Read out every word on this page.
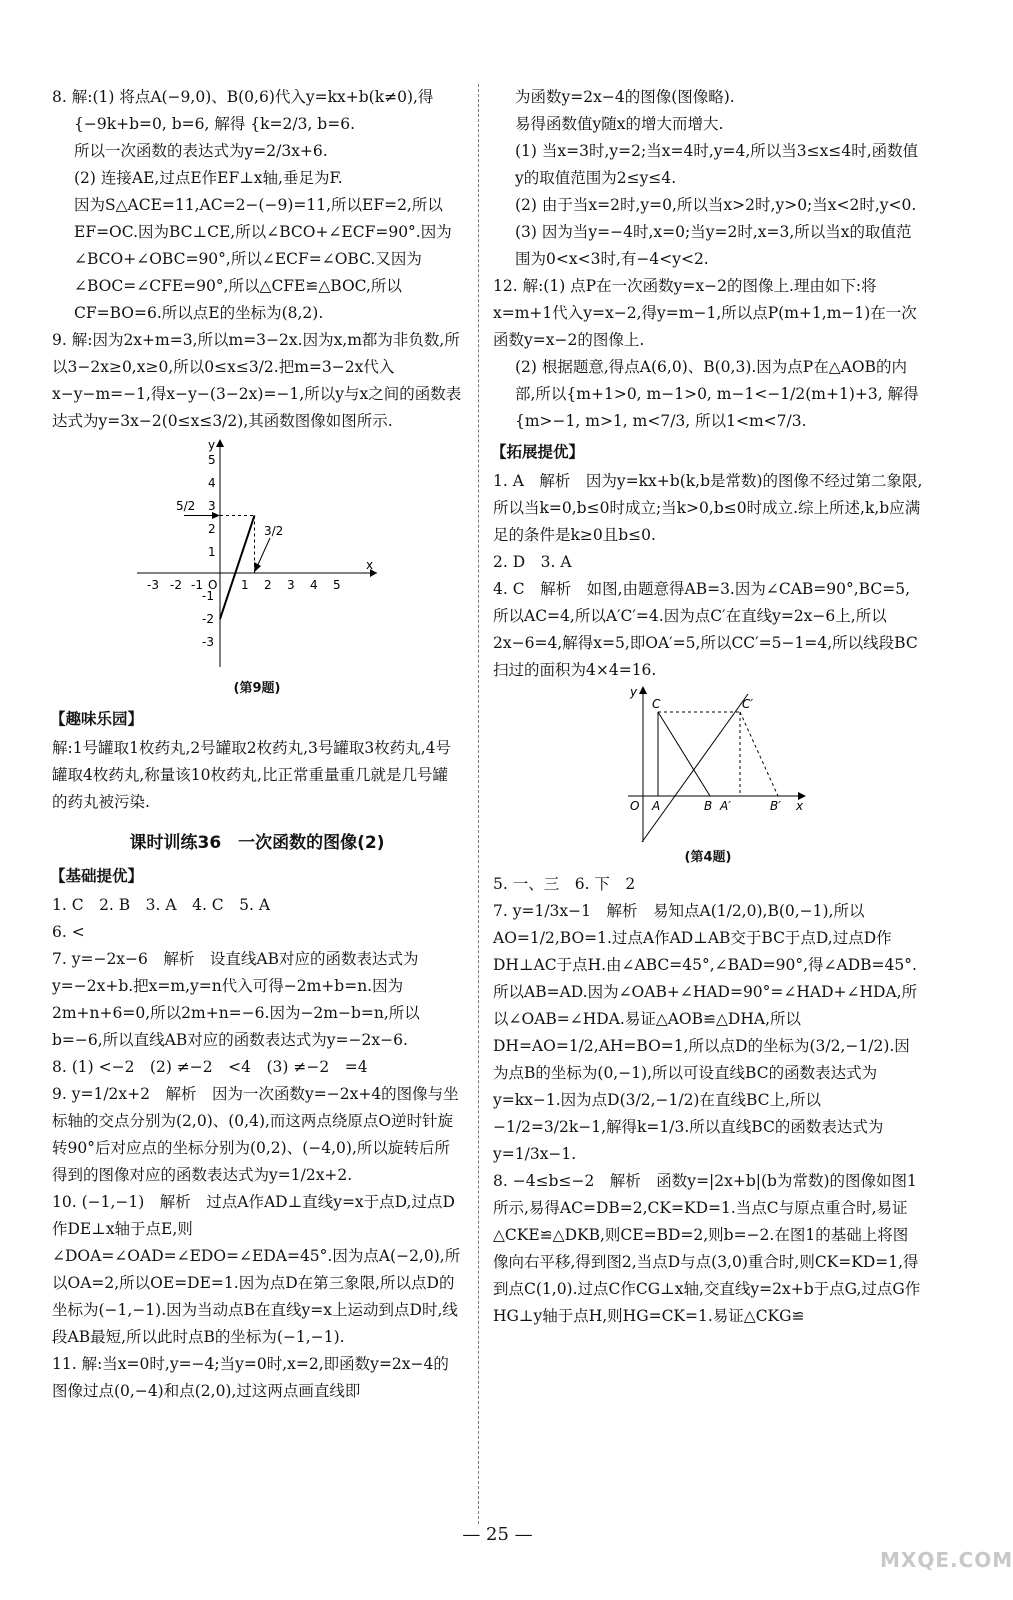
8. 解:(1) 将点A(−9,0)、B(0,6)代入y=kx+b(k≠0),得

{−9k+b=0, b=6, 解得 {k=2/3, b=6.

所以一次函数的表达式为y=2/3x+6.

(2) 连接AE,过点E作EF⊥x轴,垂足为F.

因为S△ACE=11,AC=2−(−9)=11,所以EF=2,所以EF=OC.因为BC⊥CE,所以∠BCO+∠ECF=90°.因为∠BCO+∠OBC=90°,所以∠ECF=∠OBC.又因为∠BOC=∠CFE=90°,所以△CFE≌△BOC,所以CF=BO=6.所以点E的坐标为(8,2).

9. 解:因为2x+m=3,所以m=3−2x.因为x,m都为非负数,所以3−2x≥0,x≥0,所以0≤x≤3/2.把m=3−2x代入x−y−m=−1,得x−y−(3−2x)=−1,所以y与x之间的函数表达式为y=3x−2(0≤x≤3/2),其函数图像如图所示.

x
y
-3 -2 -1 O 1 2 3 4 5
5
4
3
2
1
-1
-2
-3
5/2
3/2
(第9题)
【趣味乐园】

解:1号罐取1枚药丸,2号罐取2枚药丸,3号罐取3枚药丸,4号罐取4枚药丸,称量该10枚药丸,比正常重量重几就是几号罐的药丸被污染.

课时训练36　一次函数的图像(2)
【基础提优】

1. C　2. B　3. A　4. C　5. A

6. <

7. y=−2x−6　解析　设直线AB对应的函数表达式为y=−2x+b.把x=m,y=n代入可得−2m+b=n.因为2m+n+6=0,所以2m+n=−6.因为−2m−b=n,所以b=−6,所以直线AB对应的函数表达式为y=−2x−6.

8. (1) <−2　(2) ≠−2　<4　(3) ≠−2　=4

9. y=1/2x+2　解析　因为一次函数y=−2x+4的图像与坐标轴的交点分别为(2,0)、(0,4),而这两点绕原点O逆时针旋转90°后对应点的坐标分别为(0,2)、(−4,0),所以旋转后所得到的图像对应的函数表达式为y=1/2x+2.

10. (−1,−1)　解析　过点A作AD⊥直线y=x于点D,过点D作DE⊥x轴于点E,则∠DOA=∠OAD=∠EDO=∠EDA=45°.因为点A(−2,0),所以OA=2,所以OE=DE=1.因为点D在第三象限,所以点D的坐标为(−1,−1).因为当动点B在直线y=x上运动到点D时,线段AB最短,所以此时点B的坐标为(−1,−1).

11. 解:当x=0时,y=−4;当y=0时,x=2,即函数y=2x−4的图像过点(0,−4)和点(2,0),过这两点画直线即

为函数y=2x−4的图像(图像略).

易得函数值y随x的增大而增大.

(1) 当x=3时,y=2;当x=4时,y=4,所以当3≤x≤4时,函数值y的取值范围为2≤y≤4.

(2) 由于当x=2时,y=0,所以当x>2时,y>0;当x<2时,y<0.

(3) 因为当y=−4时,x=0;当y=2时,x=3,所以当x的取值范围为0<x<3时,有−4<y<2.

12. 解:(1) 点P在一次函数y=x−2的图像上.理由如下:将x=m+1代入y=x−2,得y=m−1,所以点P(m+1,m−1)在一次函数y=x−2的图像上.

(2) 根据题意,得点A(6,0)、B(0,3).因为点P在△AOB的内部,所以{m+1>0, m−1>0, m−1<−1/2(m+1)+3, 解得{m>−1, m>1, m<7/3, 所以1<m<7/3.

【拓展提优】

1. A　解析　因为y=kx+b(k,b是常数)的图像不经过第二象限,所以当k=0,b≤0时成立;当k>0,b≤0时成立.综上所述,k,b应满足的条件是k≥0且b≤0.

2. D　3. A

4. C　解析　如图,由题意得AB=3.因为∠CAB=90°,BC=5,所以AC=4,所以A′C′=4.因为点C′在直线y=2x−6上,所以2x−6=4,解得x=5,即OA′=5,所以CC′=5−1=4,所以线段BC扫过的面积为4×4=16.

y
x
O
C	C′
A	B A′	B′
(第4题)

5. 一、三　6. 下　2

7. y=1/3x−1　解析　易知点A(1/2,0),B(0,−1),所以AO=1/2,BO=1.过点A作AD⊥AB交于BC于点D,过点D作DH⊥AC于点H.由∠ABC=45°,∠BAD=90°,得∠ADB=45°.所以AB=AD.因为∠OAB+∠HAD=90°=∠HAD+∠HDA,所以∠OAB=∠HDA.易证△AOB≌△DHA,所以DH=AO=1/2,AH=BO=1,所以点D的坐标为(3/2,−1/2).因为点B的坐标为(0,−1),所以可设直线BC的函数表达式为y=kx−1.因为点D(3/2,−1/2)在直线BC上,所以−1/2=3/2k−1,解得k=1/3.所以直线BC的函数表达式为y=1/3x−1.

8. −4≤b≤−2　解析　函数y=|2x+b|(b为常数)的图像如图1所示,易得AC=DB=2,CK=KD=1.当点C与原点重合时,易证△CKE≌△DKB,则CE=BD=2,则b=−2.在图1的基础上将图像向右平移,得到图2,当点D与点(3,0)重合时,则CK=KD=1,得到点C(1,0).过点C作CG⊥x轴,交直线y=2x+b于点G,过点G作HG⊥y轴于点H,则HG=CK=1.易证△CKG≌

— 25 —
MXQE.COM
